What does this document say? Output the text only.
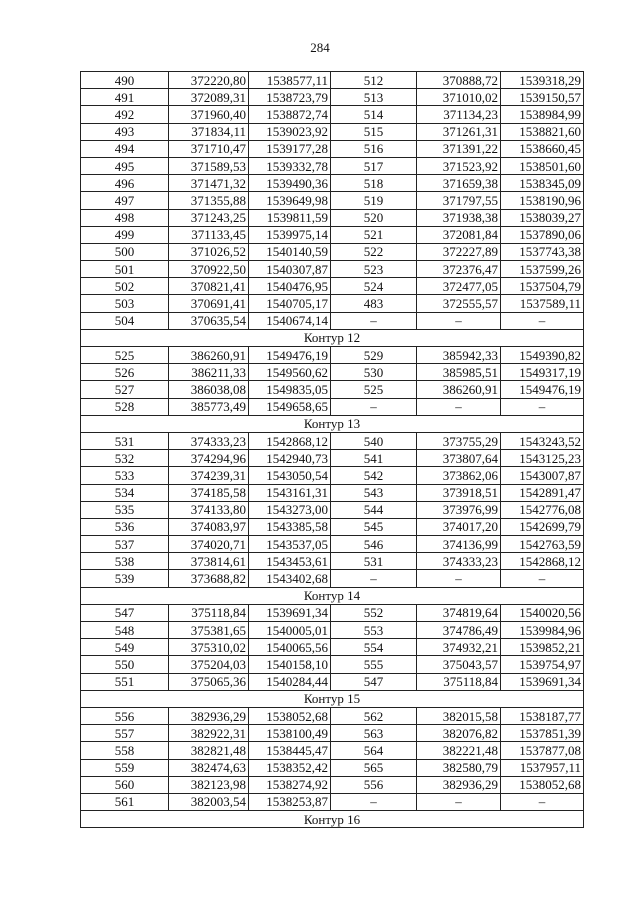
284
490	372220,80	1538577,11	512	370888,72	1539318,29
491	372089,31	1538723,79	513	371010,02	1539150,57
492	371960,40	1538872,74	514	371134,23	1538984,99
493	371834,11	1539023,92	515	371261,31	1538821,60
494	371710,47	1539177,28	516	371391,22	1538660,45
495	371589,53	1539332,78	517	371523,92	1538501,60
496	371471,32	1539490,36	518	371659,38	1538345,09
497	371355,88	1539649,98	519	371797,55	1538190,96
498	371243,25	1539811,59	520	371938,38	1538039,27
499	371133,45	1539975,14	521	372081,84	1537890,06
500	371026,52	1540140,59	522	372227,89	1537743,38
501	370922,50	1540307,87	523	372376,47	1537599,26
502	370821,41	1540476,95	524	372477,05	1537504,79
503	370691,41	1540705,17	483	372555,57	1537589,11
504	370635,54	1540674,14	–	–	–
Контур 12					
525	386260,91	1549476,19	529	385942,33	1549390,82
526	386211,33	1549560,62	530	385985,51	1549317,19
527	386038,08	1549835,05	525	386260,91	1549476,19
528	385773,49	1549658,65	–	–	–
Контур 13					
531	374333,23	1542868,12	540	373755,29	1543243,52
532	374294,96	1542940,73	541	373807,64	1543125,23
533	374239,31	1543050,54	542	373862,06	1543007,87
534	374185,58	1543161,31	543	373918,51	1542891,47
535	374133,80	1543273,00	544	373976,99	1542776,08
536	374083,97	1543385,58	545	374017,20	1542699,79
537	374020,71	1543537,05	546	374136,99	1542763,59
538	373814,61	1543453,61	531	374333,23	1542868,12
539	373688,82	1543402,68	–	–	–
Контур 14					
547	375118,84	1539691,34	552	374819,64	1540020,56
548	375381,65	1540005,01	553	374786,49	1539984,96
549	375310,02	1540065,56	554	374932,21	1539852,21
550	375204,03	1540158,10	555	375043,57	1539754,97
551	375065,36	1540284,44	547	375118,84	1539691,34
Контур 15					
556	382936,29	1538052,68	562	382015,58	1538187,77
557	382922,31	1538100,49	563	382076,82	1537851,39
558	382821,48	1538445,47	564	382221,48	1537877,08
559	382474,63	1538352,42	565	382580,79	1537957,11
560	382123,98	1538274,92	556	382936,29	1538052,68
561	382003,54	1538253,87	–	–	–
Контур 16					
